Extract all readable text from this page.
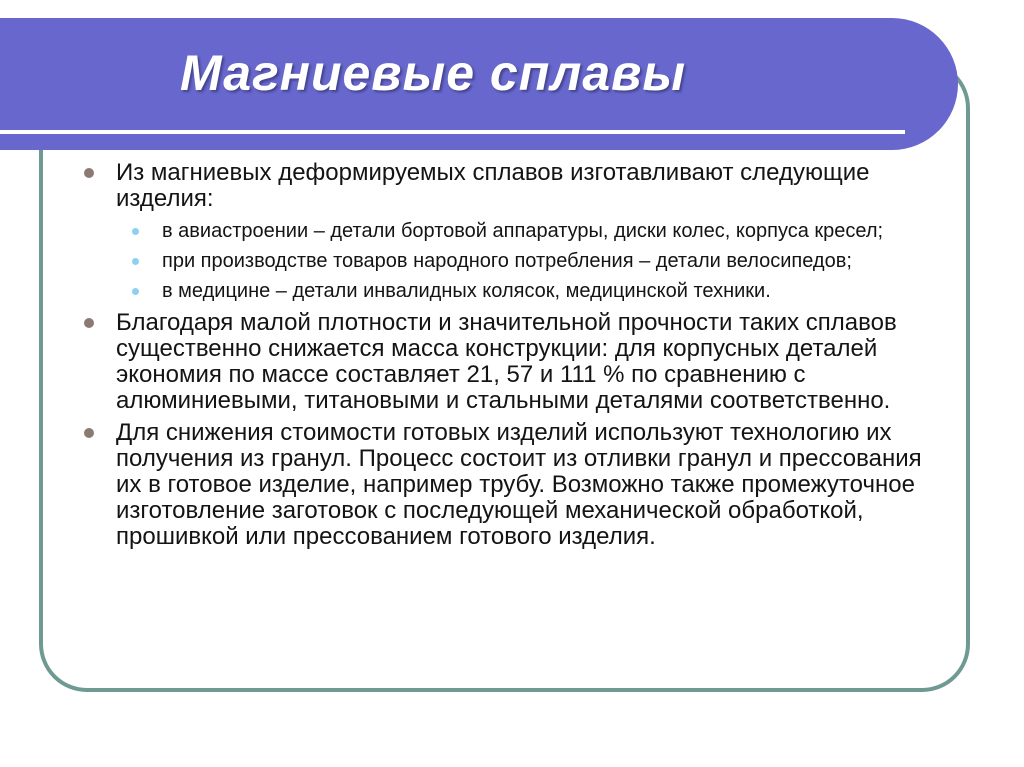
Магниевые сплавы
Из магниевых деформируемых сплавов изготавливают следующие изделия:
в авиастроении – детали бортовой аппаратуры, диски колес, корпуса кресел;
при производстве товаров народного потребления – детали велосипедов;
в медицине – детали инвалидных колясок, медицинской техники.
Благодаря малой плотности и значительной прочности таких сплавов существенно снижается масса конструкции: для корпусных деталей экономия по массе составляет 21, 57 и 111 % по сравнению с алюминиевыми, титановыми и стальными деталями соответственно.
Для снижения стоимости готовых изделий используют технологию их получения из гранул. Процесс состоит из отливки гранул и прессования их в готовое изделие, например трубу. Возможно также промежуточное изготовление заготовок с последующей механической обработкой, прошивкой или прессованием готового изделия.
